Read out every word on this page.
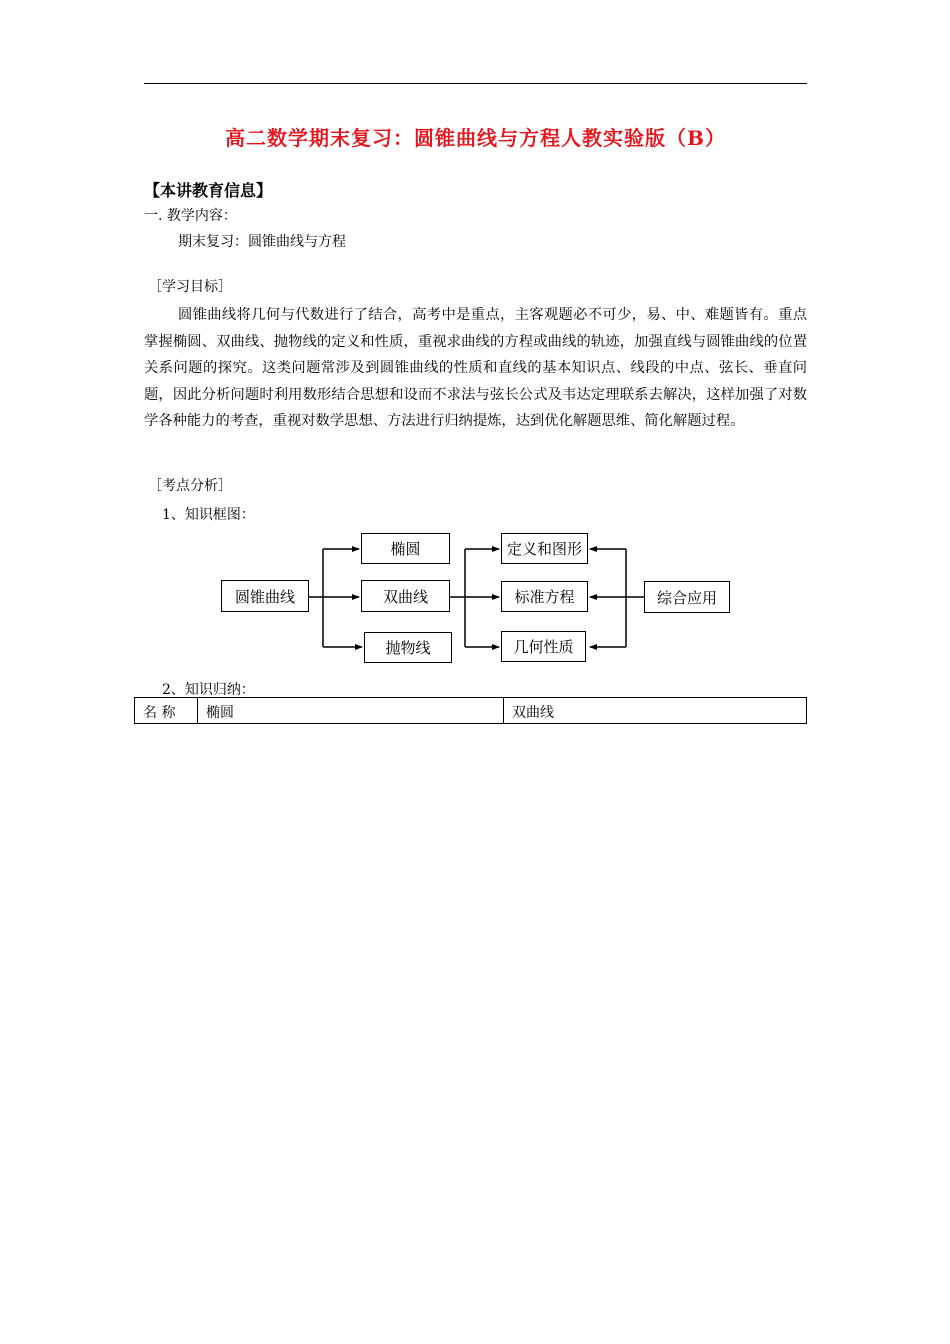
高二数学期末复习：圆锥曲线与方程人教实验版（B）
【本讲教育信息】
一. 教学内容：
期末复习：圆锥曲线与方程
［学习目标］
圆锥曲线将几何与代数进行了结合，高考中是重点，主客观题必不可少，易、中、难题皆有。重点掌握椭圆、双曲线、抛物线的定义和性质，重视求曲线的方程或曲线的轨迹，加强直线与圆锥曲线的位置关系问题的探究。这类问题常涉及到圆锥曲线的性质和直线的基本知识点、线段的中点、弦长、垂直问题，因此分析问题时利用数形结合思想和设而不求法与弦长公式及韦达定理联系去解决，这样加强了对数学各种能力的考查，重视对数学思想、方法进行归纳提炼，达到优化解题思维、简化解题过程。
［考点分析］
1、知识框图：
圆锥曲线
椭圆
双曲线
抛物线
定义和图形
标准方程
几何性质
综合应用
2、知识归纳：
名 称	椭圆	双曲线
